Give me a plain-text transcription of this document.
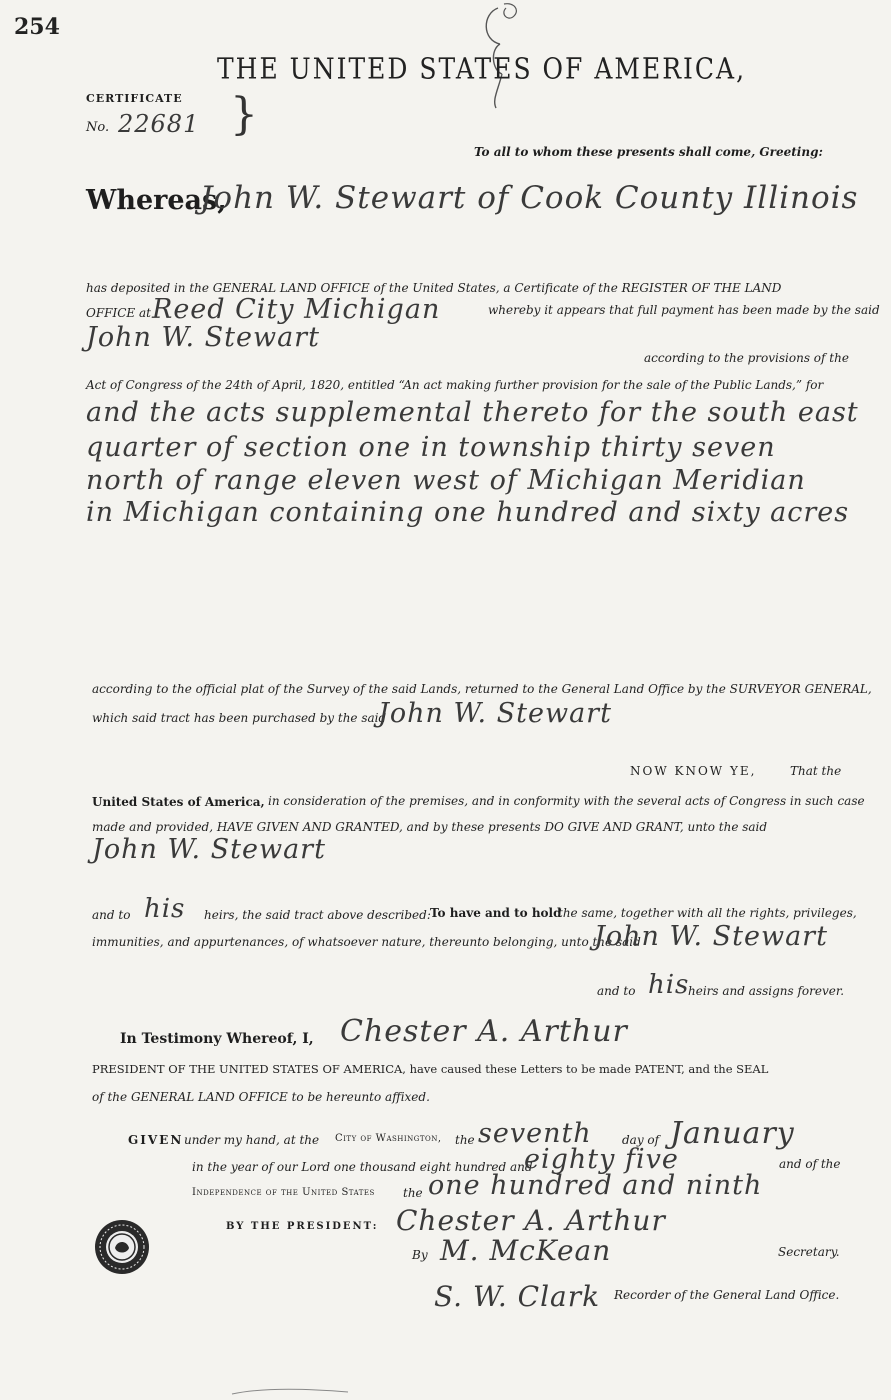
254
THE UNITED STATES OF AMERICA,
CERTIFICATE
No. 22681 }
To all to whom these presents shall come, Greeting:
Whereas,
John W. Stewart of Cook County Illinois
has deposited in the GENERAL LAND OFFICE of the United States, a Certificate of the REGISTER OF THE LAND
OFFICE at Reed City Michigan	whereby it appears that full payment has been made by the said
John W. Stewart
according to the provisions of the
Act of Congress of the 24th of April, 1820, entitled “An act making further provision for the sale of the Public Lands,” for
and the acts supplemental thereto for the south east
quarter of section one in township thirty seven
north of range eleven west of Michigan Meridian
in Michigan containing one hundred and sixty acres
according to the official plat of the Survey of the said Lands, returned to the General Land Office by the SURVEYOR GENERAL,
which said tract has been purchased by the said
John W. Stewart
NOW KNOW YE,	That the
United States of America, in consideration of the premises, and in conformity with the several acts of Congress in such case
made and provided, HAVE GIVEN AND GRANTED, and by these presents DO GIVE AND GRANT, unto the said
John W. Stewart
and to his heirs, the said tract above described: To have and to hold
the same, together with all the rights, privileges,
immunities, and appurtenances, of whatsoever nature, thereunto belonging, unto the said
John W. Stewart
and to his
heirs and assigns forever.
In Testimony Whereof, I, Chester A. Arthur
PRESIDENT OF THE UNITED STATES OF AMERICA, have caused these Letters to be made PATENT, and the SEAL
of the GENERAL LAND OFFICE to be hereunto affixed.
GIVEN under my hand, at the City of Washington, the seventh	day of January
in the year of our Lord one thousand eight hundred and
eighty five	and of the
Independence of the United States the one hundred and ninth
BY THE PRESIDENT: Chester A. Arthur
By M. McKean	Secretary.
S. W. Clark Recorder of the General Land Office.
